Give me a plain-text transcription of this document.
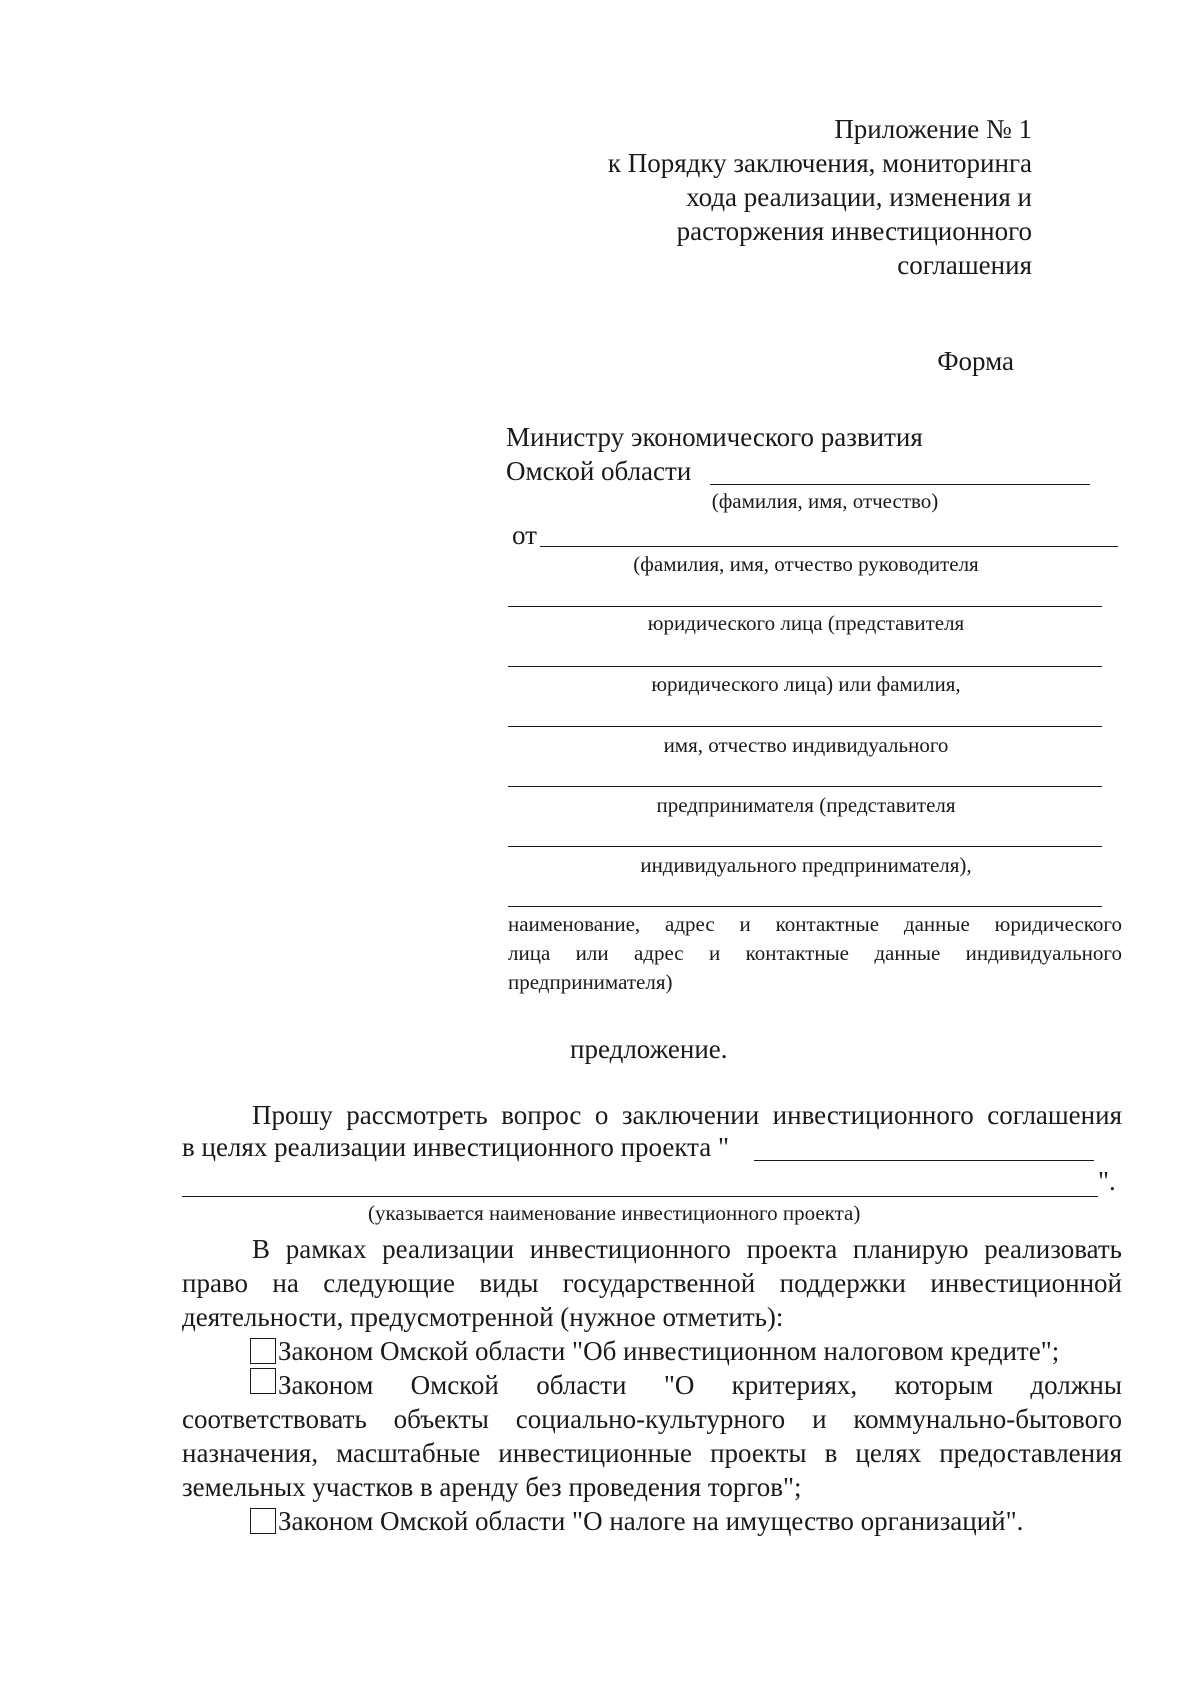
Приложение № 1
к Порядку заключения, мониторинга
хода реализации, изменения и
расторжения инвестиционного
соглашения
Форма
Министру экономического развития
Омской области
(фамилия, имя, отчество)
от
(фамилия, имя, отчество руководителя
юридического лица (представителя
юридического лица) или фамилия,
имя, отчество индивидуального
предпринимателя (представителя
индивидуального предпринимателя),
наименование, адрес и контактные данные юридического
лица или адрес и контактные данные индивидуального
предпринимателя)
предложение.
Прошу рассмотреть вопрос о заключении инвестиционного соглашения
в целях реализации инвестиционного проекта "
".
(указывается наименование инвестиционного проекта)
В рамках реализации инвестиционного проекта планирую реализовать
право на следующие виды государственной поддержки инвестиционной
деятельности, предусмотренной (нужное отметить):
Законом Омской области "Об инвестиционном налоговом кредите";
Законом Омской области "О критериях, которым должны
соответствовать объекты социально-культурного и коммунально-бытового
назначения, масштабные инвестиционные проекты в целях предоставления
земельных участков в аренду без проведения торгов";
Законом Омской области "О налоге на имущество организаций".
